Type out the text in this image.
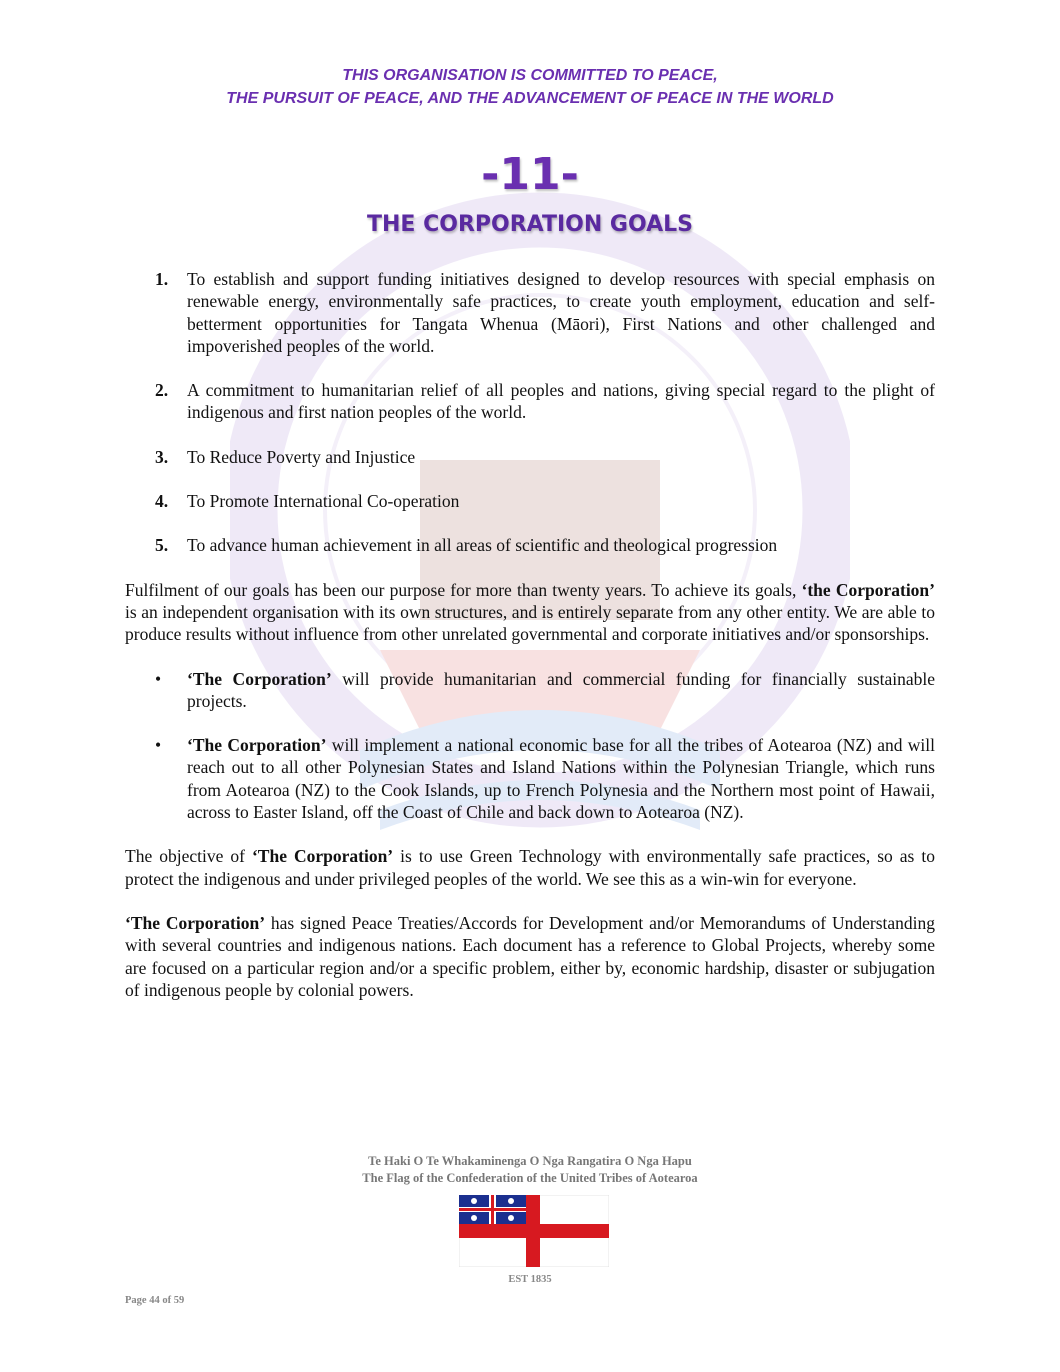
THIS ORGANISATION IS COMMITTED TO PEACE,
THE PURSUIT OF PEACE, AND THE ADVANCEMENT OF PEACE IN THE WORLD
-11-
THE CORPORATION GOALS
1. To establish and support funding initiatives designed to develop resources with special emphasis on renewable energy, environmentally safe practices, to create youth employment, education and self-betterment opportunities for Tangata Whenua (Māori), First Nations and other challenged and impoverished peoples of the world.
2. A commitment to humanitarian relief of all peoples and nations, giving special regard to the plight of indigenous and first nation peoples of the world.
3. To Reduce Poverty and Injustice
4. To Promote International Co-operation
5. To advance human achievement in all areas of scientific and theological progression

Fulfilment of our goals has been our purpose for more than twenty years. To achieve its goals, ‘the Corporation’ is an independent organisation with its own structures, and is entirely separate from any other entity. We are able to produce results without influence from other unrelated governmental and corporate initiatives and/or sponsorships.

• ‘The Corporation’ will provide humanitarian and commercial funding for financially sustainable projects.
• ‘The Corporation’ will implement a national economic base for all the tribes of Aotearoa (NZ) and will reach out to all other Polynesian States and Island Nations within the Polynesian Triangle, which runs from Aotearoa (NZ) to the Cook Islands, up to French Polynesia and the Northern most point of Hawaii, across to Easter Island, off the Coast of Chile and back down to Aotearoa (NZ).

The objective of ‘The Corporation’ is to use Green Technology with environmentally safe practices, so as to protect the indigenous and under privileged peoples of the world. We see this as a win-win for everyone.

‘The Corporation’ has signed Peace Treaties/Accords for Development and/or Memorandums of Understanding with several countries and indigenous nations. Each document has a reference to Global Projects, whereby some are focused on a particular region and/or a specific problem, either by, economic hardship, disaster or subjugation of indigenous people by colonial powers.

Te Haki O Te Whakaminenga O Nga Rangatira O Nga Hapu
The Flag of the Confederation of the United Tribes of Aotearoa
EST 1835
Page 44 of 59
